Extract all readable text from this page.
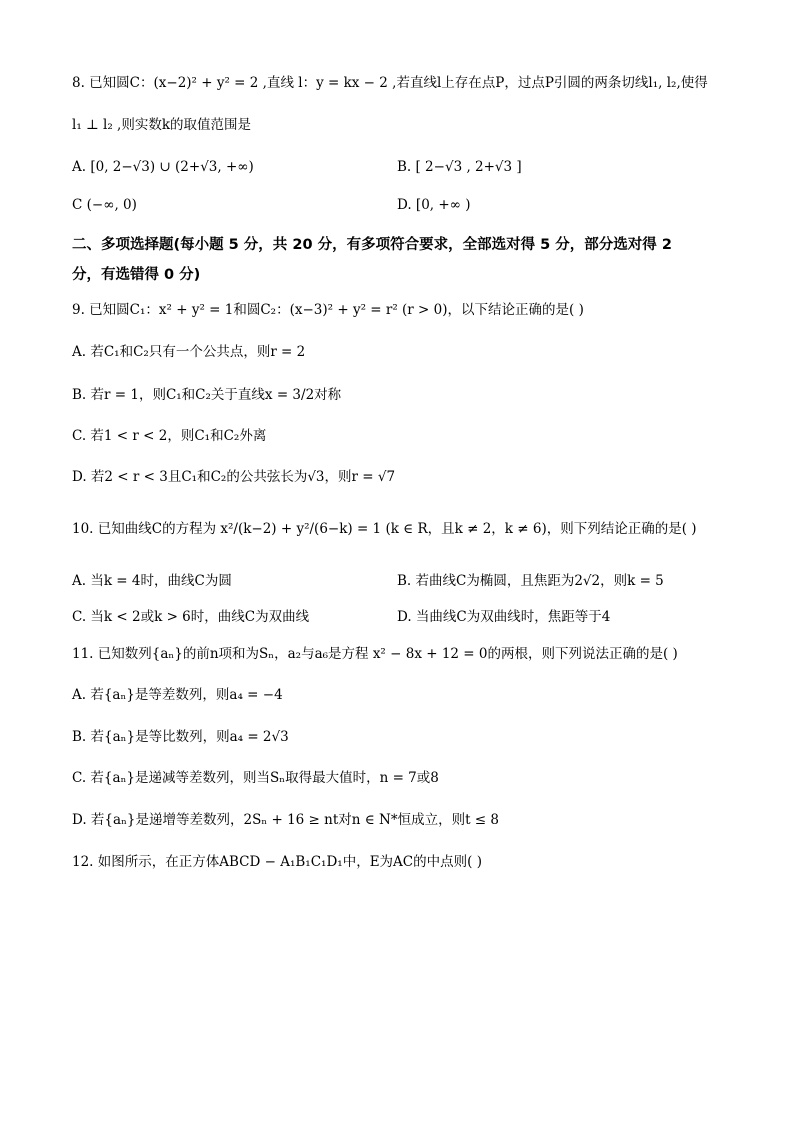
8. 已知圆C：(x−2)² + y² = 2 ,直线 l：y = kx − 2 ,若直线l上存在点P，过点P引圆的两条切线l₁, l₂,使得
l₁ ⊥ l₂ ,则实数k的取值范围是
A. [0, 2−√3) ∪ (2+√3, +∞)	B. [ 2−√3 , 2+√3 ]
C (−∞, 0)	D. [0, +∞ )
二、多项选择题(每小题 5 分，共 20 分，有多项符合要求，全部选对得 5 分，部分选对得 2
分，有选错得 0 分)
9. 已知圆C₁：x² + y² = 1和圆C₂：(x−3)² + y² = r² (r > 0)，以下结论正确的是( )
A. 若C₁和C₂只有一个公共点，则r = 2
B. 若r = 1，则C₁和C₂关于直线x = 3/2对称
C. 若1 < r < 2，则C₁和C₂外离
D. 若2 < r < 3且C₁和C₂的公共弦长为√3，则r = √7
10. 已知曲线C的方程为 x²/(k−2) + y²/(6−k) = 1 (k ∈ R，且k ≠ 2，k ≠ 6)，则下列结论正确的是( )
A. 当k = 4时，曲线C为圆	B. 若曲线C为椭圆，且焦距为2√2，则k = 5
C. 当k < 2或k > 6时，曲线C为双曲线	D. 当曲线C为双曲线时，焦距等于4
11. 已知数列{aₙ}的前n项和为Sₙ，a₂与a₆是方程 x² − 8x + 12 = 0的两根，则下列说法正确的是( )
A. 若{aₙ}是等差数列，则a₄ = −4
B. 若{aₙ}是等比数列，则a₄ = 2√3
C. 若{aₙ}是递减等差数列，则当Sₙ取得最大值时，n = 7或8
D. 若{aₙ}是递增等差数列，2Sₙ + 16 ≥ nt对n ∈ N*恒成立，则t ≤ 8
12. 如图所示，在正方体ABCD − A₁B₁C₁D₁中，E为AC的中点则( )
